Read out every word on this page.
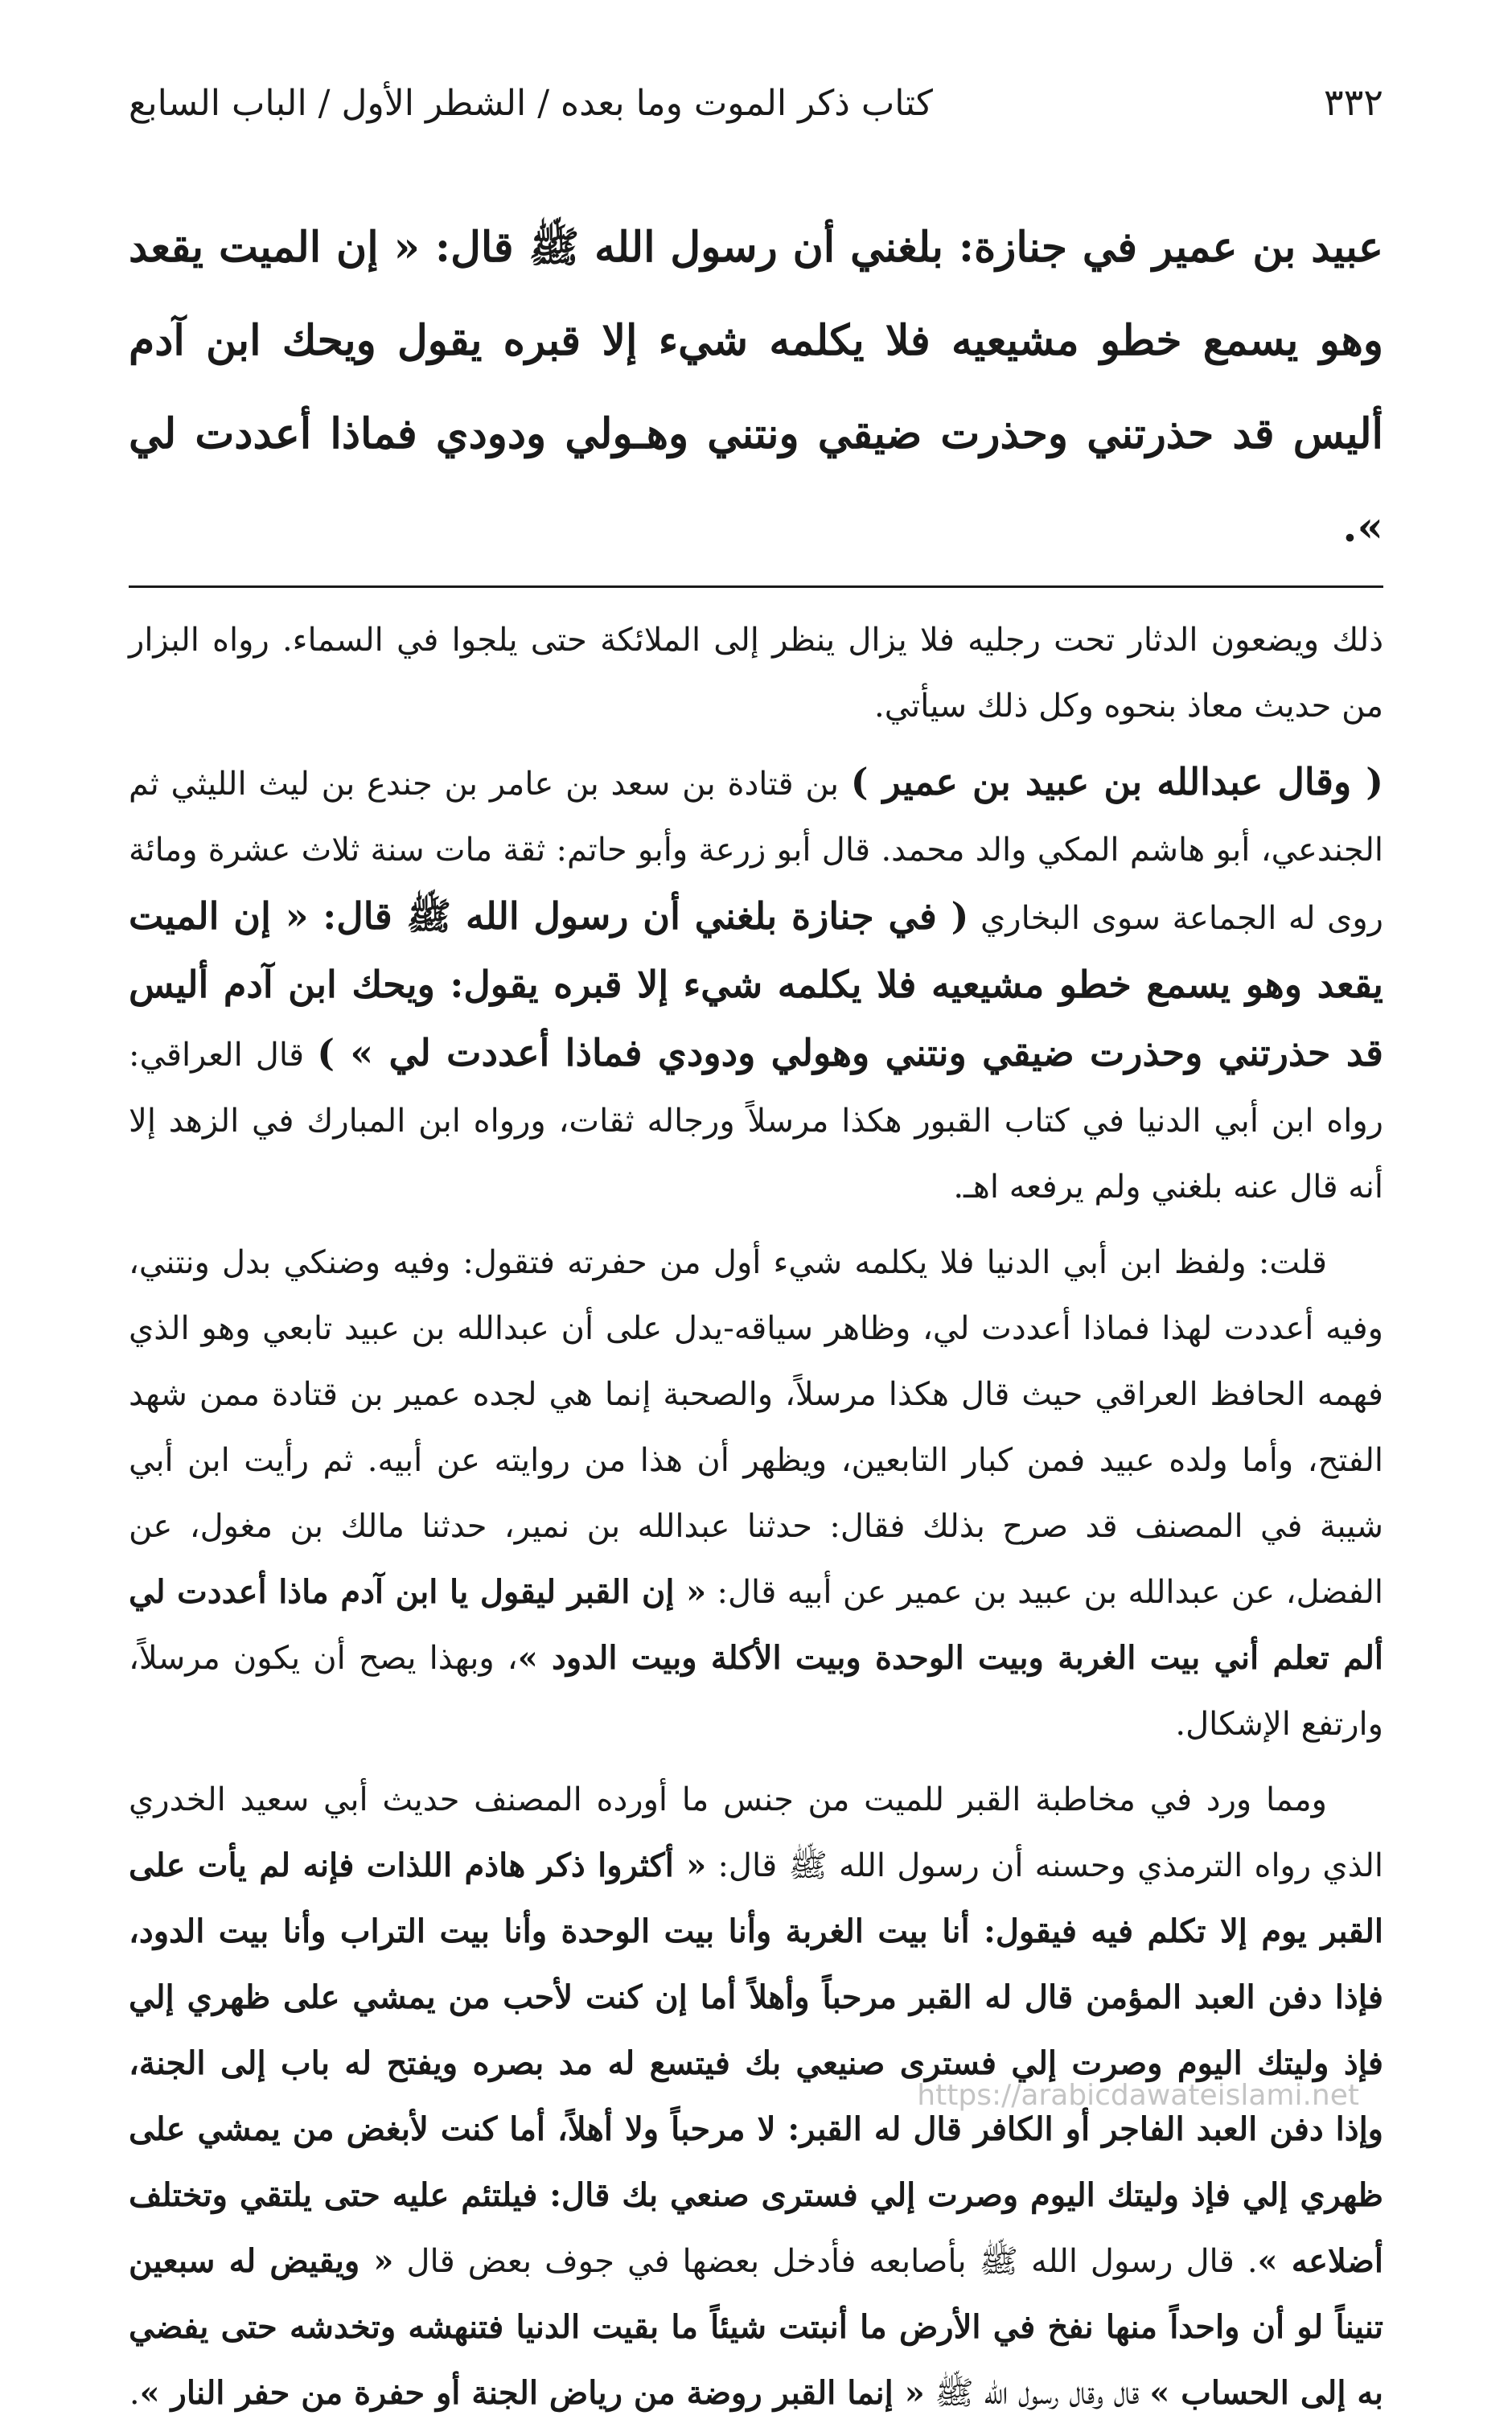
٣٣٢
كتاب ذكر الموت وما بعده / الشطر الأول / الباب السابع
عبيد بن عمير في جنازة: بلغني أن رسول الله ﷺ قال: « إن الميت يقعد وهو يسمع خطو مشيعيه فلا يكلمه شيء إلا قبره يقول ويحك ابن آدم أليس قد حذرتني وحذرت ضيقي ونتني وهـولي ودودي فماذا أعددت لي ».

ذلك ويضعون الدثار تحت رجليه فلا يزال ينظر إلى الملائكة حتى يلجوا في السماء. رواه البزار من حديث معاذ بنحوه وكل ذلك سيأتي.

( وقال عبدالله بن عبيد بن عمير ) بن قتادة بن سعد بن عامر بن جندع بن ليث الليثي ثم الجندعي، أبو هاشم المكي والد محمد. قال أبو زرعة وأبو حاتم: ثقة مات سنة ثلاث عشرة ومائة روى له الجماعة سوى البخاري ( في جنازة بلغني أن رسول الله ﷺ قال: « إن الميت يقعد وهو يسمع خطو مشيعيه فلا يكلمه شيء إلا قبره يقول: ويحك ابن آدم أليس قد حذرتني وحذرت ضيقي ونتني وهولي ودودي فماذا أعددت لي » ) قال العراقي: رواه ابن أبي الدنيا في كتاب القبور هكذا مرسلاً ورجاله ثقات، ورواه ابن المبارك في الزهد إلا أنه قال عنه بلغني ولم يرفعه اهـ.

قلت: ولفظ ابن أبي الدنيا فلا يكلمه شيء أول من حفرته فتقول: وفيه وضنكي بدل ونتني، وفيه أعددت لهذا فماذا أعددت لي، وظاهر سياقه-يدل على أن عبدالله بن عبيد تابعي وهو الذي فهمه الحافظ العراقي حيث قال هكذا مرسلاً، والصحبة إنما هي لجده عمير بن قتادة ممن شهد الفتح، وأما ولده عبيد فمن كبار التابعين، ويظهر أن هذا من روايته عن أبيه. ثم رأيت ابن أبي شيبة في المصنف قد صرح بذلك فقال: حدثنا عبدالله بن نمير، حدثنا مالك بن مغول، عن الفضل، عن عبدالله بن عبيد بن عمير عن أبيه قال: « إن القبر ليقول يا ابن آدم ماذا أعددت لي ألم تعلم أني بيت الغربة وبيت الوحدة وبيت الأكلة وبيت الدود »، وبهذا يصح أن يكون مرسلاً، وارتفع الإشكال.

ومما ورد في مخاطبة القبر للميت من جنس ما أورده المصنف حديث أبي سعيد الخدري الذي رواه الترمذي وحسنه أن رسول الله ﷺ قال: « أكثروا ذكر هاذم اللذات فإنه لم يأت على القبر يوم إلا تكلم فيه فيقول: أنا بيت الغربة وأنا بيت الوحدة وأنا بيت التراب وأنا بيت الدود، فإذا دفن العبد المؤمن قال له القبر مرحباً وأهلاً أما إن كنت لأحب من يمشي على ظهري إلي فإذ وليتك اليوم وصرت إلي فسترى صنيعي بك فيتسع له مد بصره ويفتح له باب إلى الجنة، وإذا دفن العبد الفاجر أو الكافر قال له القبر: لا مرحباً ولا أهلاً، أما كنت لأبغض من يمشي على ظهري إلي فإذ وليتك اليوم وصرت إلي فسترى صنعي بك قال: فيلتئم عليه حتى يلتقي وتختلف أضلاعه ». قال رسول الله ﷺ بأصابعه فأدخل بعضها في جوف بعض قال « ويقيض له سبعين تنيناً لو أن واحداً منها نفخ في الأرض ما أنبتت شيئاً ما بقيت الدنيا فتنهشه وتخدشه حتى يفضي به إلى الحساب » قال وقال رسول الله ﷺ « إنما القبر روضة من رياض الجنة أو حفرة من حفر النار ».

https://arabicdawateislami.net
